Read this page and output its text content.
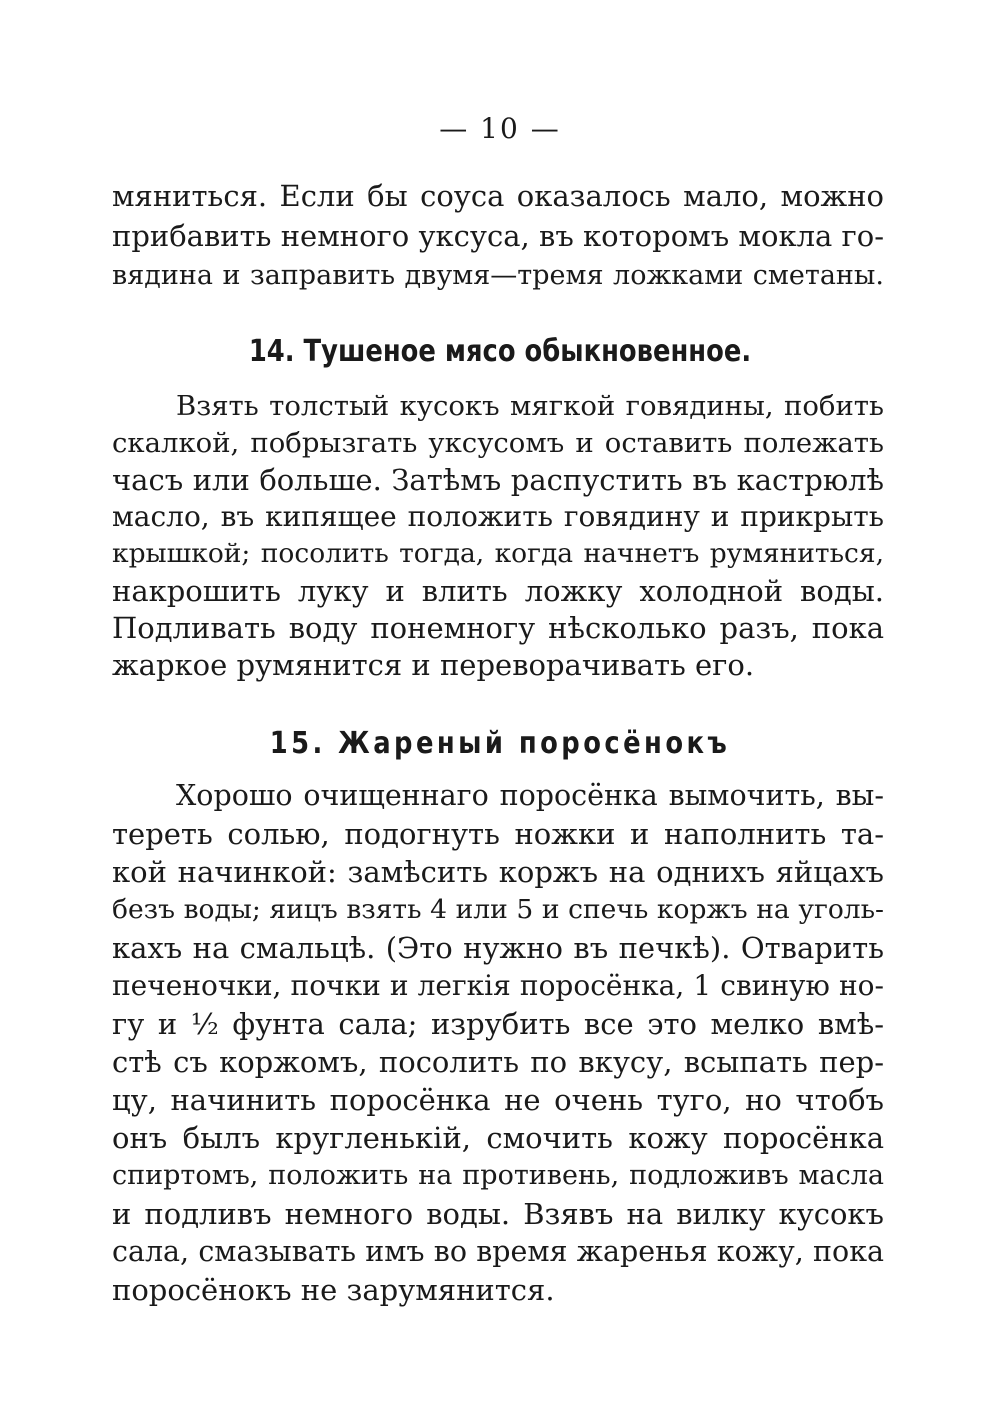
— 10 —
мяниться. Если бы соуса оказалось мало, можно
прибавить немного уксуса, въ которомъ мокла го-
вядина и заправить двумя—тремя ложками сметаны.
14. Тушеное мясо обыкновенное.
Взять толстый кусокъ мягкой говядины, побить
скалкой, побрызгать уксусомъ и оставить полежать
часъ или больше. Затѣмъ распустить въ кастрюлѣ
масло, въ кипящее положить говядину и прикрыть
крышкой; посолить тогда, когда начнетъ румяниться,
накрошить луку и влить ложку холодной воды.
Подливать воду понемногу нѣсколько разъ, пока
жаркое румянится и переворачивать его.
15. Жареный поросёнокъ
Хорошо очищеннаго поросёнка вымочить, вы-
тереть солью, подогнуть ножки и наполнить та-
кой начинкой: замѣсить коржъ на однихъ яйцахъ
безъ воды; яицъ взять 4 или 5 и спечь коржъ на уголь-
кахъ на смальцѣ. (Это нужно въ печкѣ). Отварить
печеночки, почки и легкія поросёнка, 1 свиную но-
гу и ½ фунта сала; изрубить все это мелко вмѣ-
стѣ съ коржомъ, посолить по вкусу, всыпать пер-
цу, начинить поросёнка не очень туго, но чтобъ
онъ былъ кругленькій, смочить кожу поросёнка
спиртомъ, положить на противень, подложивъ масла
и подливъ немного воды. Взявъ на вилку кусокъ
сала, смазывать имъ во время жаренья кожу, пока
поросёнокъ не зарумянится.
